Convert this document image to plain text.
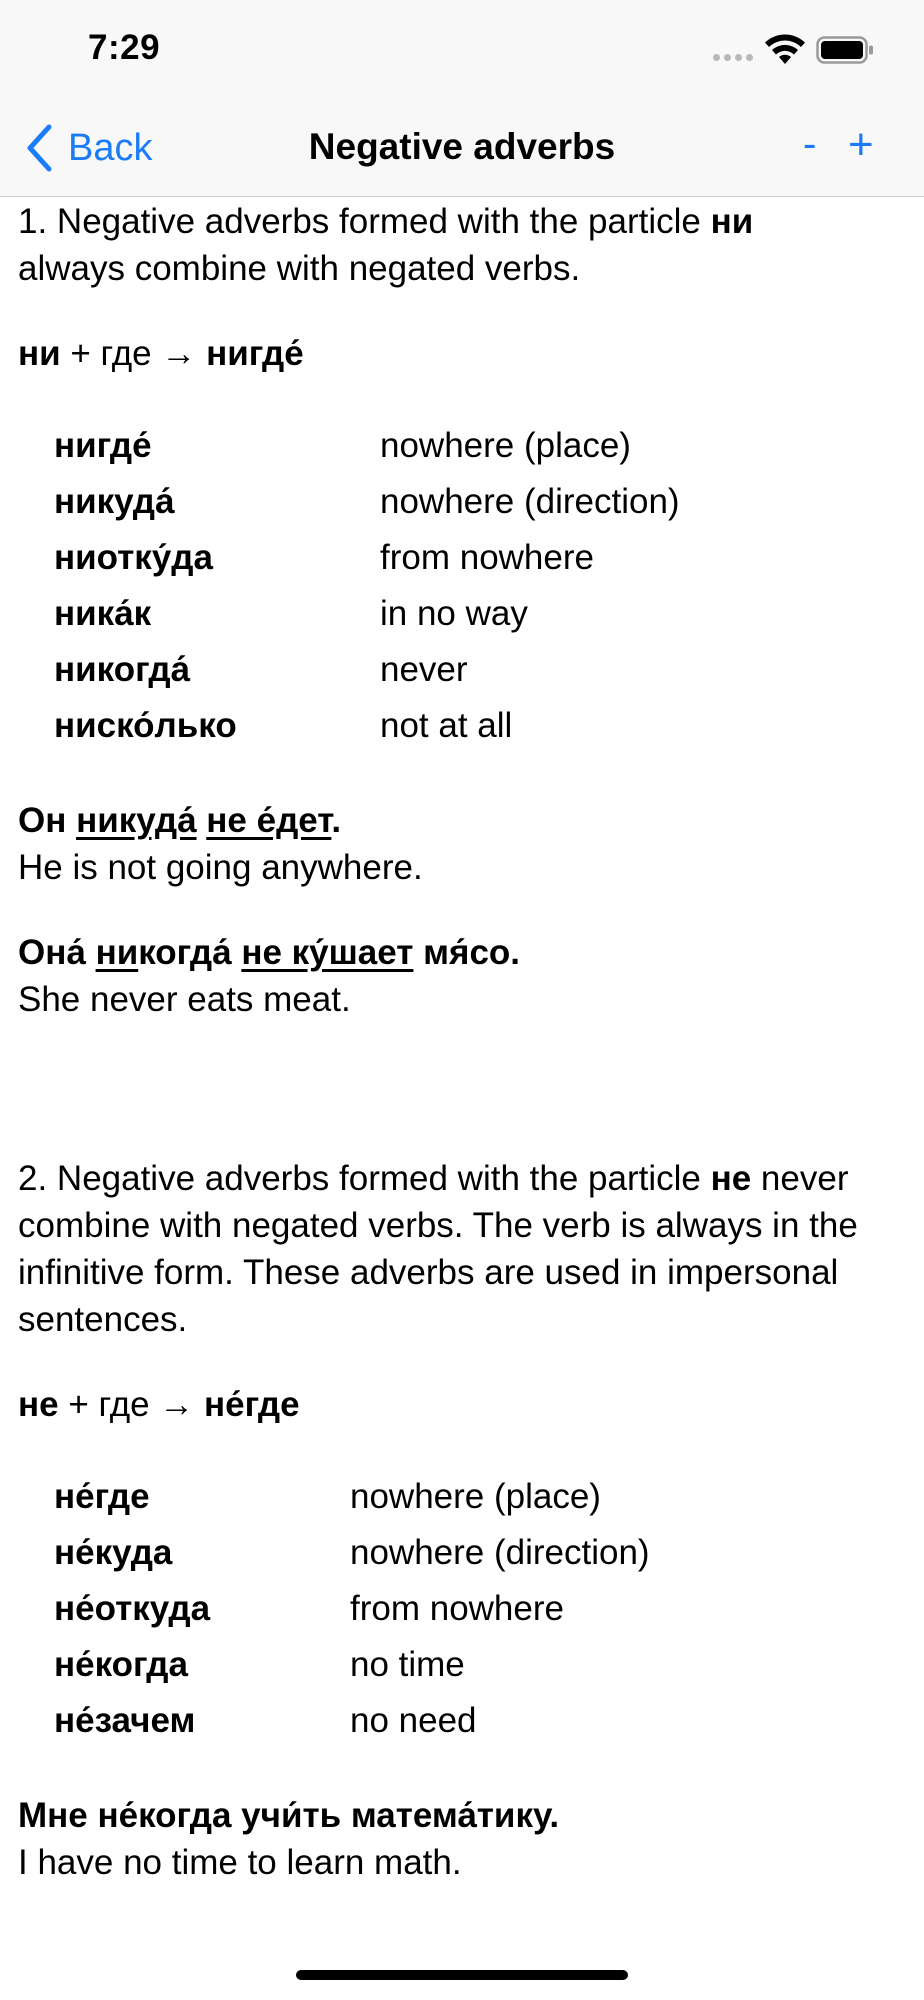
7:29
Back	Negative adverbs	- +
1. Negative adverbs formed with the particle ни
always combine with negated verbs.
ни + где → нигде́
нигде́	nowhere (place)
никуда́	nowhere (direction)
ниотку́да	from nowhere
ника́к	in no way
никогда́	never
ниско́лько	not at all
Он никуда́ не е́дет.
He is not going anywhere.
Она́ никогда́ не ку́шает мя́со.
She never eats meat.
2. Negative adverbs formed with the particle не never combine with negated verbs. The verb is always in the infinitive form. These adverbs are used in impersonal sentences.
не + где → не́где
не́где	nowhere (place)
не́куда	nowhere (direction)
не́откуда	from nowhere
не́когда	no time
не́зачем	no need
Мне не́когда учи́ть матема́тику.
I have no time to learn math.
